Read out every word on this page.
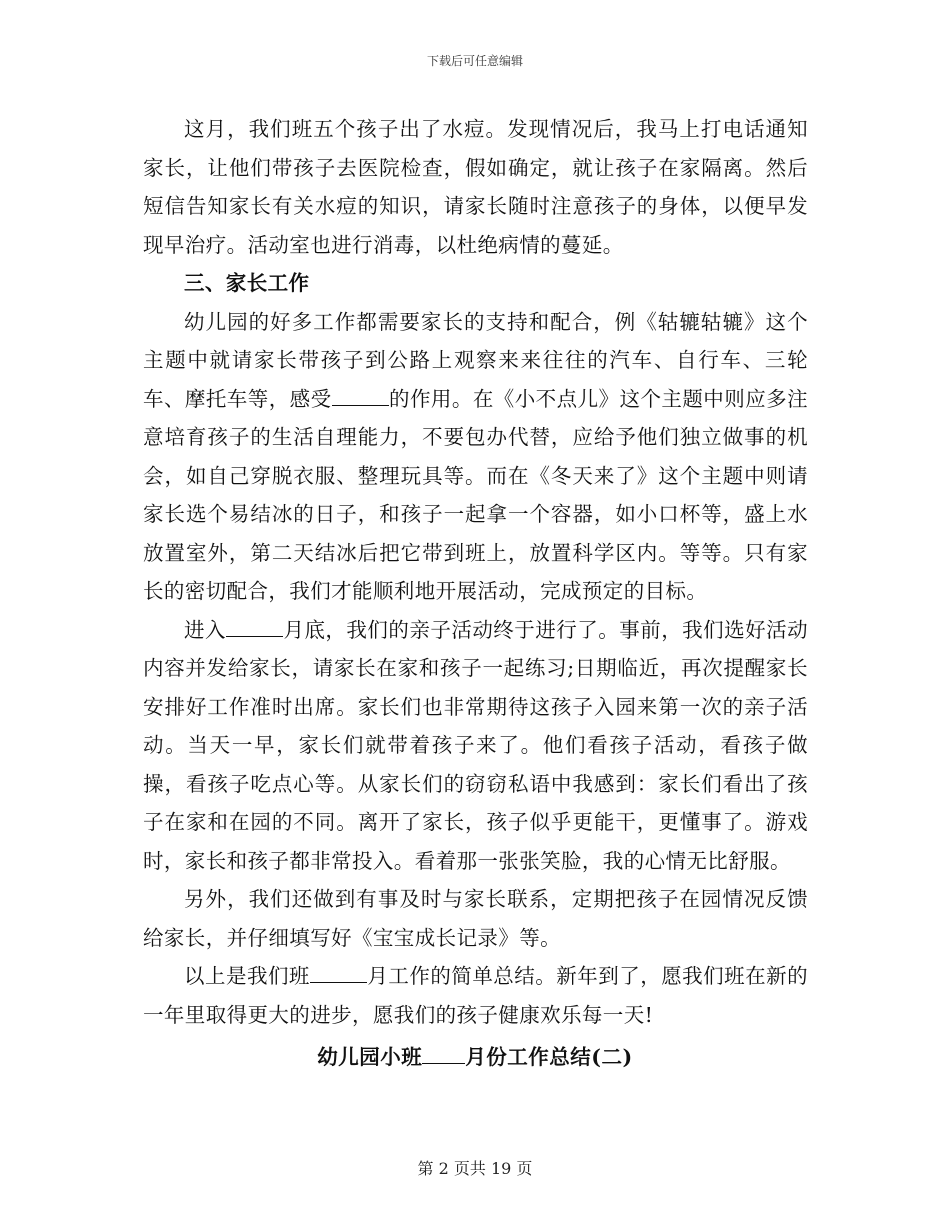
下载后可任意编辑

这月，我们班五个孩子出了水痘。发现情况后，我马上打电话通知家长，让他们带孩子去医院检查，假如确定，就让孩子在家隔离。然后短信告知家长有关水痘的知识，请家长随时注意孩子的身体，以便早发现早治疗。活动室也进行消毒，以杜绝病情的蔓延。

三、家长工作

幼儿园的好多工作都需要家长的支持和配合，例《轱辘轱辘》这个主题中就请家长带孩子到公路上观察来来往往的汽车、自行车、三轮车、摩托车等，感受	的作用。在《小不点儿》这个主题中则应多注意培育孩子的生活自理能力，不要包办代替，应给予他们独立做事的机会，如自己穿脱衣服、整理玩具等。而在《冬天来了》这个主题中则请家长选个易结冰的日子，和孩子一起拿一个容器，如小口杯等，盛上水放置室外，第二天结冰后把它带到班上，放置科学区内。等等。只有家长的密切配合，我们才能顺利地开展活动，完成预定的目标。

进入	月底，我们的亲子活动终于进行了。事前，我们选好活动内容并发给家长，请家长在家和孩子一起练习;日期临近，再次提醒家长安排好工作准时出席。家长们也非常期待这孩子入园来第一次的亲子活动。当天一早，家长们就带着孩子来了。他们看孩子活动，看孩子做操，看孩子吃点心等。从家长们的窃窃私语中我感到：家长们看出了孩子在家和在园的不同。离开了家长，孩子似乎更能干，更懂事了。游戏时，家长和孩子都非常投入。看着那一张张笑脸，我的心情无比舒服。

另外，我们还做到有事及时与家长联系，定期把孩子在园情况反馈给家长，并仔细填写好《宝宝成长记录》等。

以上是我们班	月工作的简单总结。新年到了，愿我们班在新的一年里取得更大的进步，愿我们的孩子健康欢乐每一天!

幼儿园小班 月份工作总结(二)
第 2 页共 19 页
